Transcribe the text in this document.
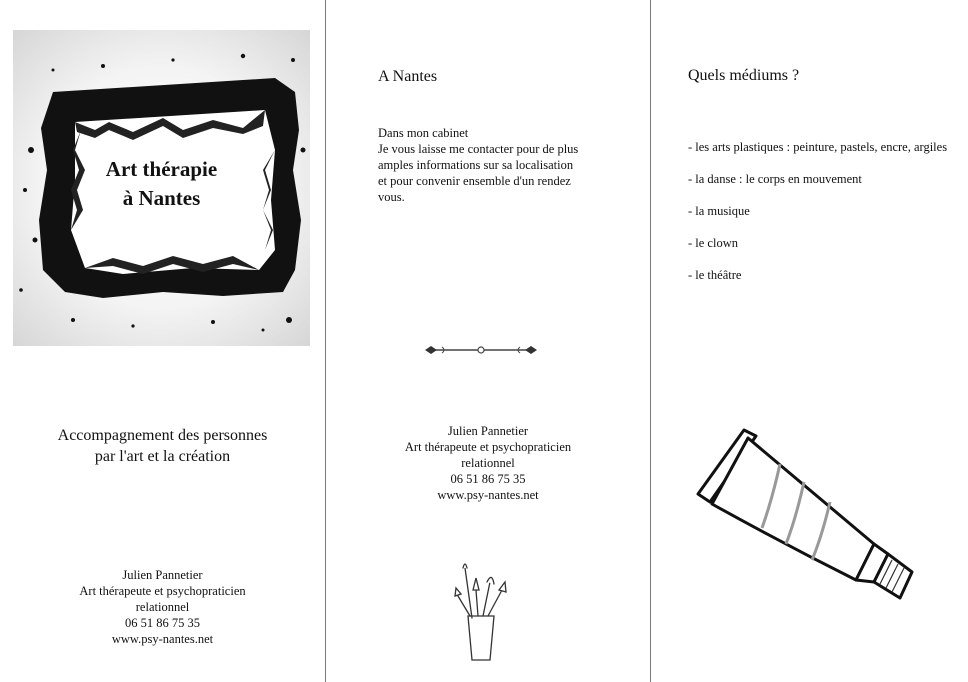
Art thérapie
à Nantes
Accompagnement des personnes
par l'art et la création
Julien Pannetier
Art thérapeute et psychopraticien
relationnel
06 51 86 75 35
www.psy-nantes.net
A Nantes
Dans mon cabinet
Je vous laisse me contacter pour de plus
amples informations sur sa localisation
et pour convenir ensemble d'un rendez
vous.
Julien Pannetier
Art thérapeute et psychopraticien
relationnel
06 51 86 75 35
www.psy-nantes.net
Quels médiums ?
- les arts plastiques : peinture, pastels, encre, argiles
- la danse : le corps en mouvement
- la musique
- le clown
- le théâtre
